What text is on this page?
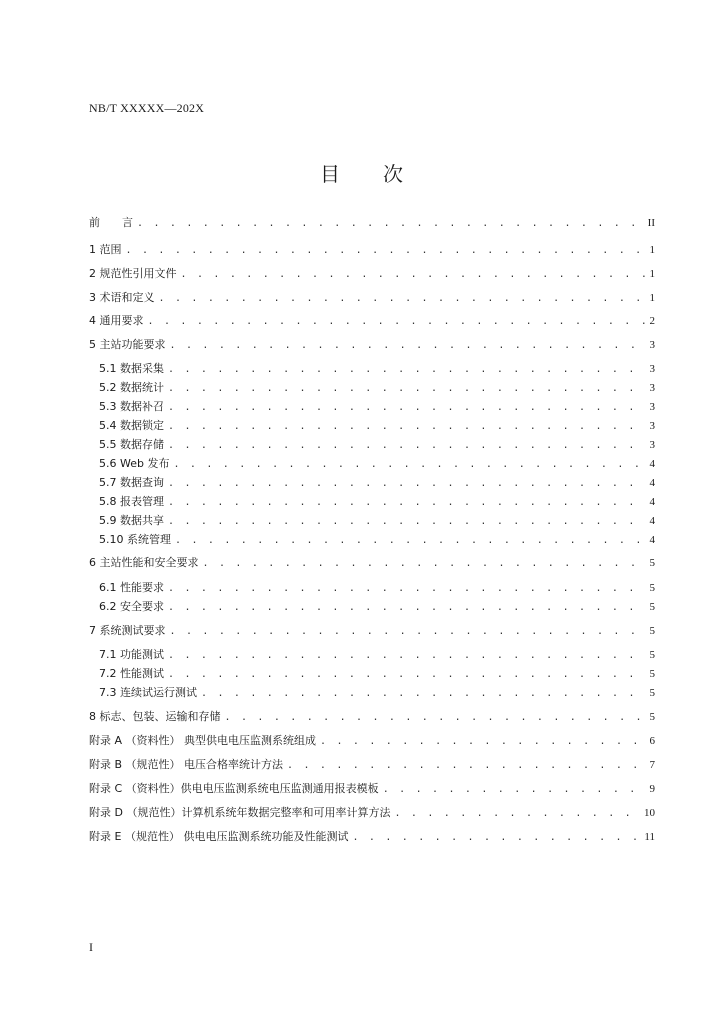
NB/T XXXXX—202X
目　　次
前　　言 . . .	II
1 范围 . . .	1
2 规范性引用文件 . . .	1
3 术语和定义 . . .	1
4 通用要求 . . .	2
5 主站功能要求 . . .	3
5.1 数据采集 . . .	3
5.2 数据统计 . . .	3
5.3 数据补召 . . .	3
5.4 数据锁定 . . .	3
5.5 数据存储 . . .	3
5.6 Web 发布 . . .	4
5.7 数据查询 . . .	4
5.8 报表管理 . . .	4
5.9 数据共享 . . .	4
5.10 系统管理 . . .	4
6 主站性能和安全要求 . . .	5
6.1 性能要求 . . .	5
6.2 安全要求 . . .	5
7 系统测试要求 . . .	5
7.1 功能测试 . . .	5
7.2 性能测试 . . .	5
7.3 连续试运行测试 . . .	5
8 标志、包装、运输和存储 . . .	5
附录 A （资料性） 典型供电电压监测系统组成 . . .	6
附录 B （规范性） 电压合格率统计方法 . . .	7
附录 C （资料性）供电电压监测系统电压监测通用报表模板 . . .	9
附录 D （规范性）计算机系统年数据完整率和可用率计算方法 . . .	10
附录 E （规范性） 供电电压监测系统功能及性能测试 . . .	11
I
